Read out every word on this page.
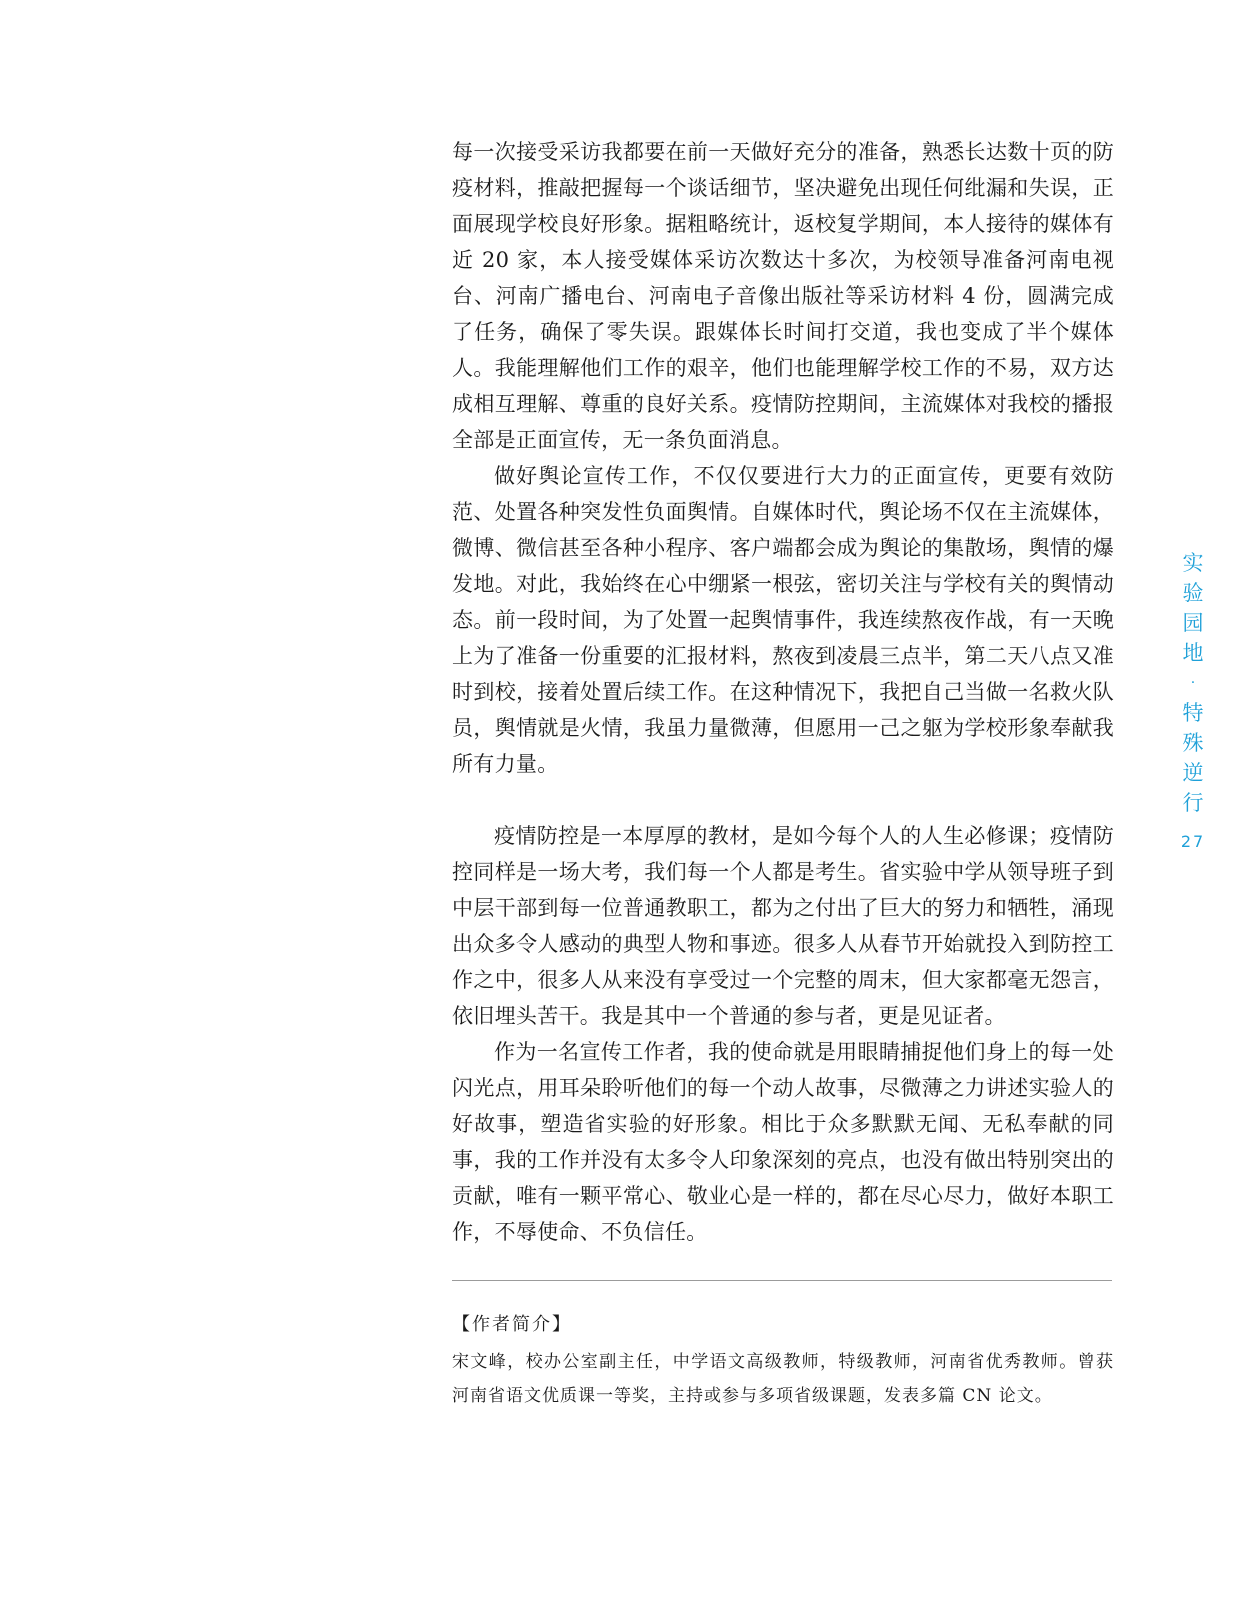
每一次接受采访我都要在前一天做好充分的准备，熟悉长达数十页的防疫材料，推敲把握每一个谈话细节，坚决避免出现任何纰漏和失误，正面展现学校良好形象。据粗略统计，返校复学期间，本人接待的媒体有近 20 家，本人接受媒体采访次数达十多次，为校领导准备河南电视台、河南广播电台、河南电子音像出版社等采访材料 4 份，圆满完成了任务，确保了零失误。跟媒体长时间打交道，我也变成了半个媒体人。我能理解他们工作的艰辛，他们也能理解学校工作的不易，双方达成相互理解、尊重的良好关系。疫情防控期间，主流媒体对我校的播报全部是正面宣传，无一条负面消息。

做好舆论宣传工作，不仅仅要进行大力的正面宣传，更要有效防范、处置各种突发性负面舆情。自媒体时代，舆论场不仅在主流媒体，微博、微信甚至各种小程序、客户端都会成为舆论的集散场，舆情的爆发地。对此，我始终在心中绷紧一根弦，密切关注与学校有关的舆情动态。前一段时间，为了处置一起舆情事件，我连续熬夜作战，有一天晚上为了准备一份重要的汇报材料，熬夜到凌晨三点半，第二天八点又准时到校，接着处置后续工作。在这种情况下，我把自己当做一名救火队员，舆情就是火情，我虽力量微薄，但愿用一己之躯为学校形象奉献我所有力量。

疫情防控是一本厚厚的教材，是如今每个人的人生必修课；疫情防控同样是一场大考，我们每一个人都是考生。省实验中学从领导班子到中层干部到每一位普通教职工，都为之付出了巨大的努力和牺牲，涌现出众多令人感动的典型人物和事迹。很多人从春节开始就投入到防控工作之中，很多人从来没有享受过一个完整的周末，但大家都毫无怨言，依旧埋头苦干。我是其中一个普通的参与者，更是见证者。

作为一名宣传工作者，我的使命就是用眼睛捕捉他们身上的每一处闪光点，用耳朵聆听他们的每一个动人故事，尽微薄之力讲述实验人的好故事，塑造省实验的好形象。相比于众多默默无闻、无私奉献的同事，我的工作并没有太多令人印象深刻的亮点，也没有做出特别突出的贡献，唯有一颗平常心、敬业心是一样的，都在尽心尽力，做好本职工作，不辱使命、不负信任。

【作者简介】
宋文峰，校办公室副主任，中学语文高级教师，特级教师，河南省优秀教师。曾获河南省语文优质课一等奖，主持或参与多项省级课题，发表多篇 CN 论文。
实
验
园
地
·
特
殊
逆
行
27
